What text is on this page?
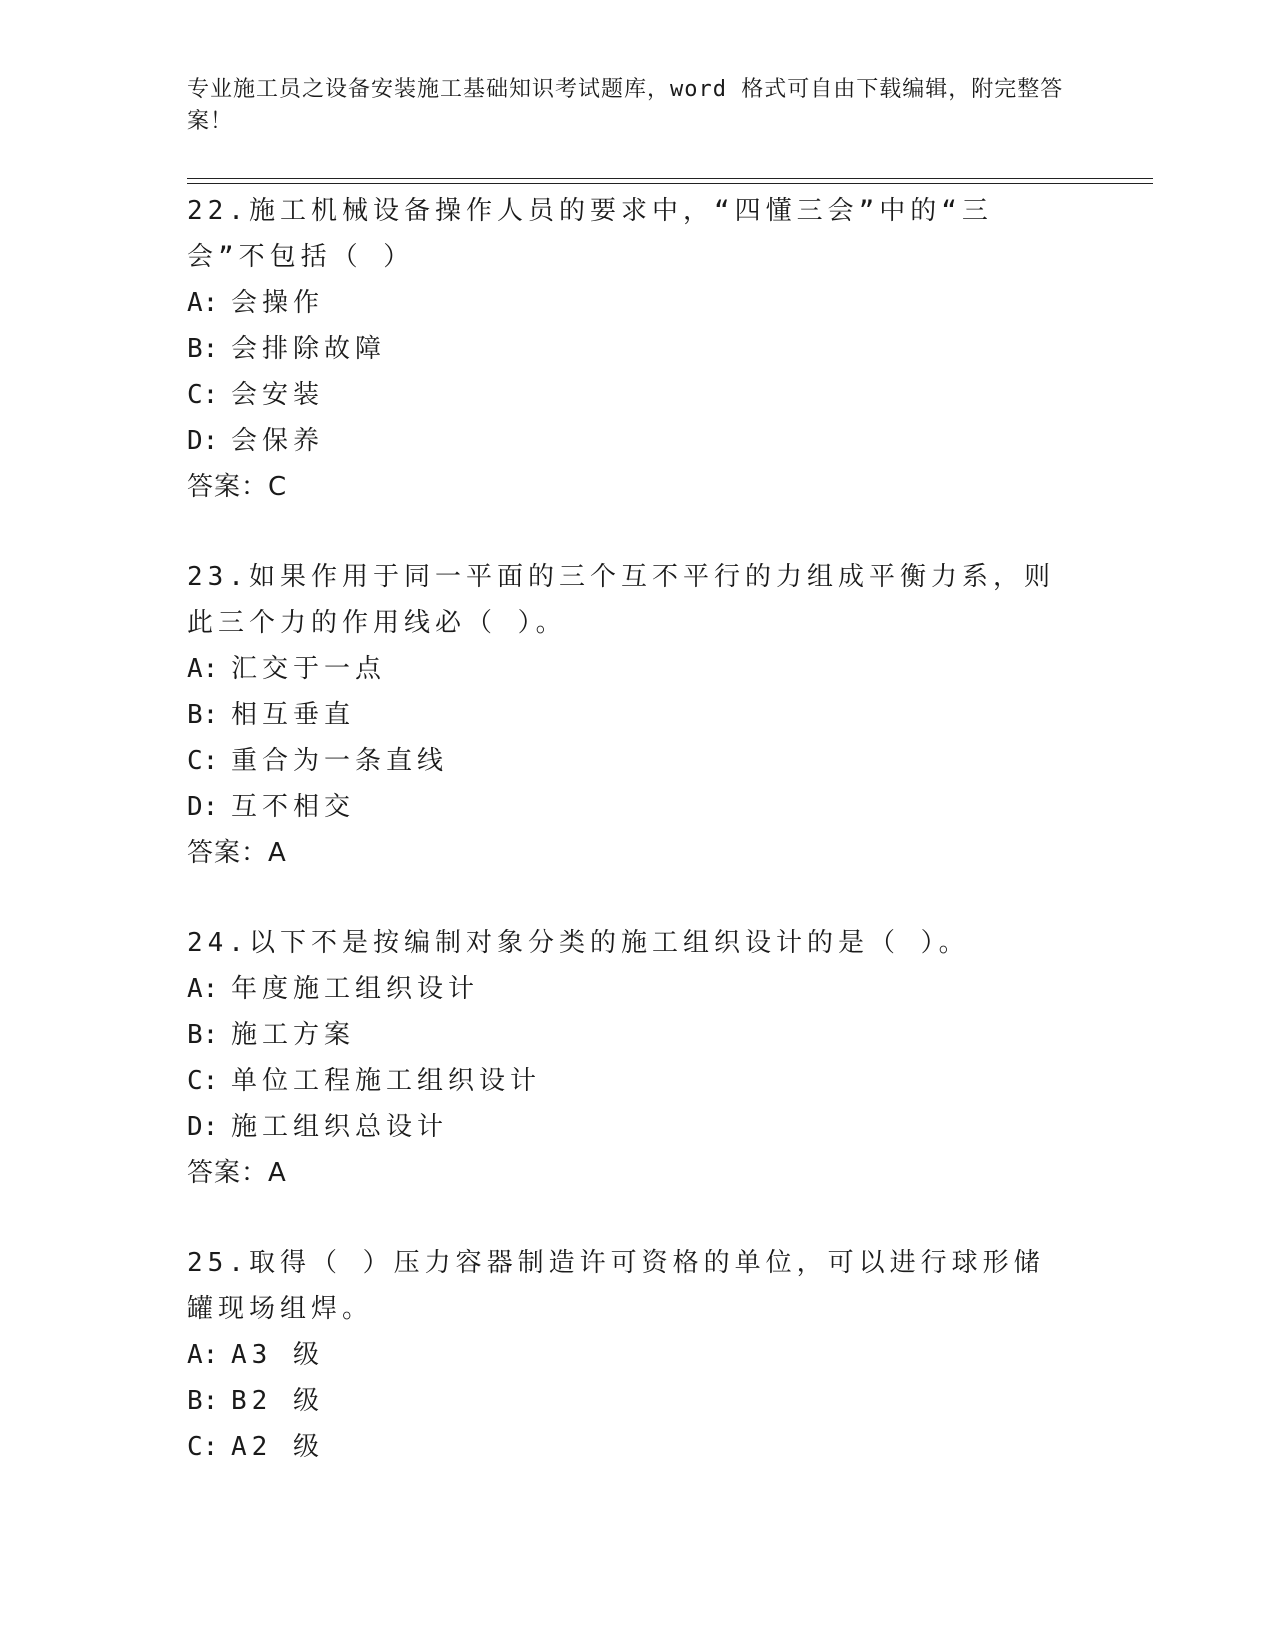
专业施工员之设备安装施工基础知识考试题库，word 格式可自由下载编辑，附完整答案！

22.施工机械设备操作人员的要求中，“四懂三会”中的“三会”不包括（ ）

A: 会操作

B: 会排除故障

C: 会安装

D: 会保养

答案：C

23.如果作用于同一平面的三个互不平行的力组成平衡力系，则此三个力的作用线必（ ）。

A: 汇交于一点

B: 相互垂直

C: 重合为一条直线

D: 互不相交

答案：A

24.以下不是按编制对象分类的施工组织设计的是（ ）。

A: 年度施工组织设计

B: 施工方案

C: 单位工程施工组织设计

D: 施工组织总设计

答案：A

25.取得（ ）压力容器制造许可资格的单位，可以进行球形储罐现场组焊。

A: A3 级

B: B2 级

C: A2 级
